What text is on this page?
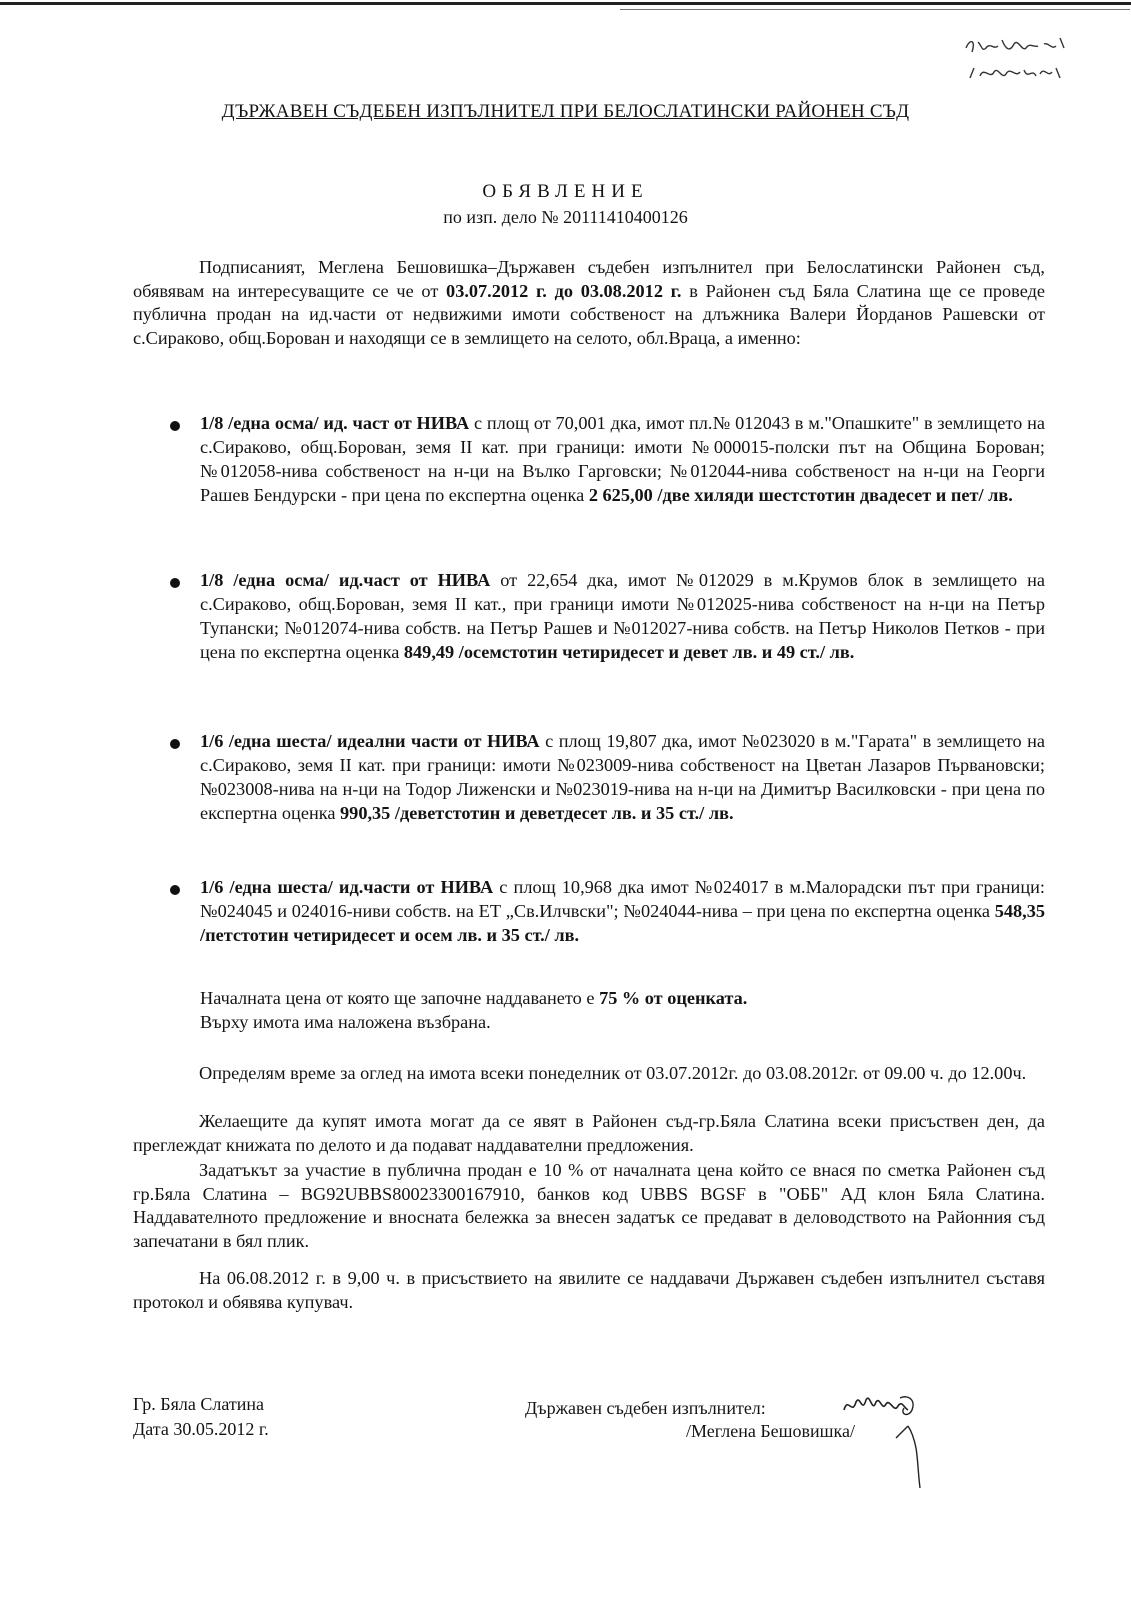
ДЪРЖАВЕН СЪДЕБЕН ИЗПЪЛНИТЕЛ ПРИ БЕЛОСЛАТИНСКИ РАЙОНЕН СЪД
ОБЯВЛЕНИЕ
по изп. дело № 20111410400126

Подписаният, Меглена Бешовишка–Държавен съдебен изпълнител при Белослатински Районен съд, обявявам на интересуващите се че от 03.07.2012 г. до 03.08.2012 г. в Районен съд Бяла Слатина ще се проведе публична продан на ид.части от недвижими имоти собственост на длъжника Валери Йорданов Рашевски от с.Сираково, общ.Борован и находящи се в землището на селото, обл.Враца, а именно:

1/8 /една осма/ ид. част от НИВА с площ от 70,001 дка, имот пл.№ 012043 в м."Опашките" в землището на с.Сираково, общ.Борован, земя II кат. при граници: имоти №000015-полски път на Община Борован; №012058-нива собственост на н-ци на Вълко Гарговски; №012044-нива собственост на н-ци на Георги Рашев Бендурски - при цена по експертна оценка 2 625,00 /две хиляди шестстотин двадесет и пет/ лв.

1/8 /една осма/ ид.част от НИВА от 22,654 дка, имот №012029 в м.Крумов блок в землището на с.Сираково, общ.Борован, земя II кат., при граници имоти №012025-нива собственост на н-ци на Петър Тупански; №012074-нива собств. на Петър Рашев и №012027-нива собств. на Петър Николов Петков - при цена по експертна оценка 849,49 /осемстотин четиридесет и девет лв. и 49 ст./ лв.

1/6 /една шеста/ идеални части от НИВА с площ 19,807 дка, имот №023020 в м."Гарата" в землището на с.Сираково, земя II кат. при граници: имоти №023009-нива собственост на Цветан Лазаров Първановски; №023008-нива на н-ци на Тодор Лиженски и №023019-нива на н-ци на Димитър Василковски - при цена по експертна оценка 990,35 /деветстотин и деветдесет лв. и 35 ст./ лв.

1/6 /една шеста/ ид.части от НИВА с площ 10,968 дка имот №024017 в м.Малорадски път при граници: №024045 и 024016-ниви собств. на ЕТ „Св.Илчвски"; №024044-нива – при цена по експертна оценка 548,35 /петстотин четиридесет и осем лв. и 35 ст./ лв.

Началната цена от която ще започне наддаването е 75 % от оценката.

Върху имота има наложена възбрана.

Определям време за оглед на имота всеки понеделник от 03.07.2012г. до 03.08.2012г. от 09.00 ч. до 12.00ч.

Желаещите да купят имота могат да се явят в Районен съд-гр.Бяла Слатина всеки присъствен ден, да преглеждат книжата по делото и да подават наддавателни предложения.

Задатъкът за участие в публична продан е 10 % от началната цена който се внася по сметка Районен съд гр.Бяла Слатина – BG92UBBS80023300167910, банков код UBBS BGSF в "ОББ" АД клон Бяла Слатина. Наддавателното предложение и вносната бележка за внесен задатък се предават в деловодството на Районния съд запечатани в бял плик.

На 06.08.2012 г. в 9,00 ч. в присъствието на явилите се наддавачи Държавен съдебен изпълнител съставя протокол и обявява купувач.

Гр. Бяла Слатина
Дата 30.05.2012 г.
Държавен съдебен изпълнител:
/Меглена Бешовишка/
